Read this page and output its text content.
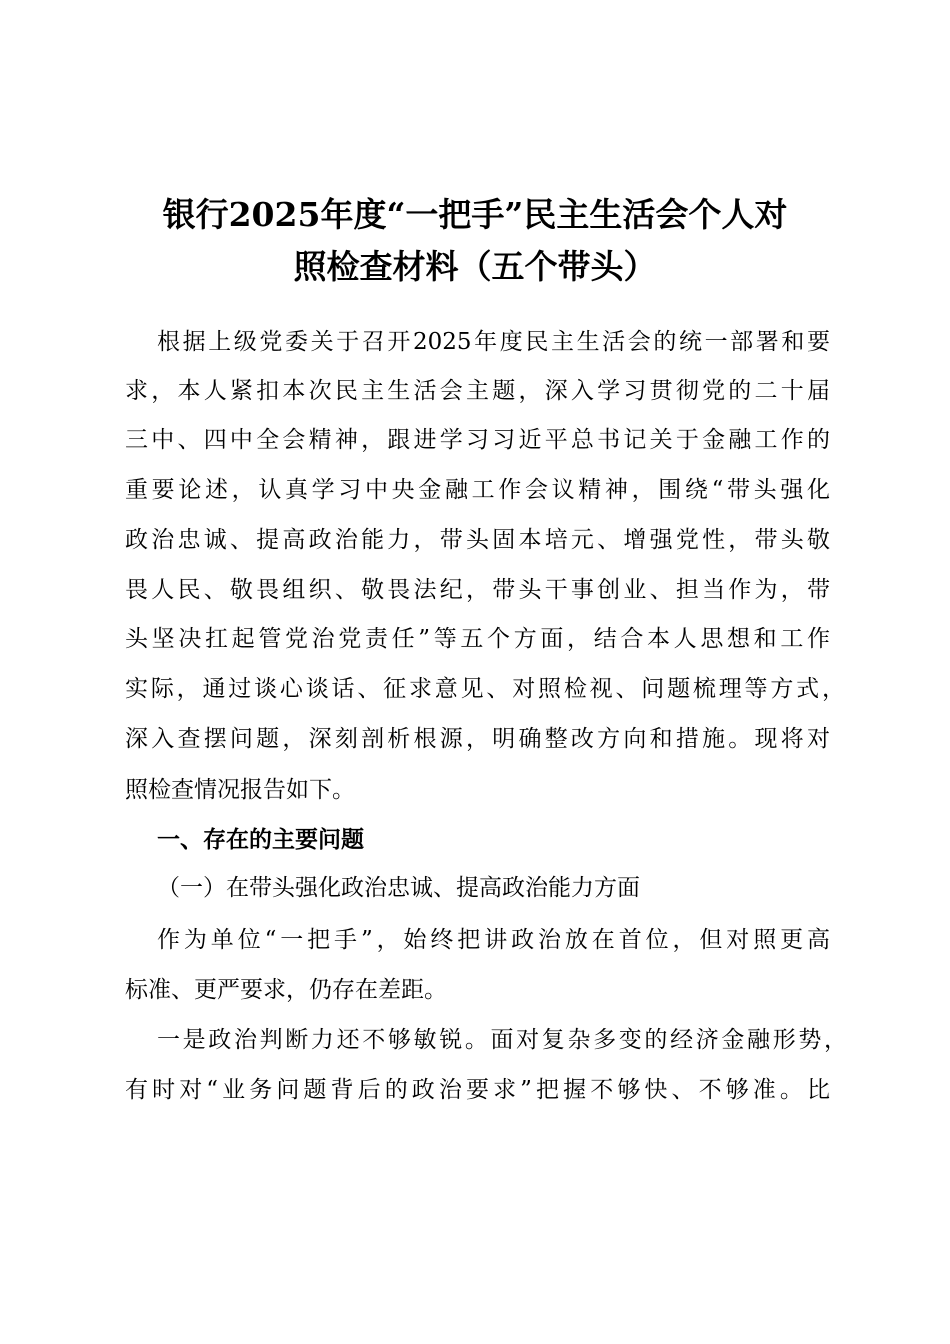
银行2025年度“一把手”民主生活会个人对
照检查材料（五个带头）
根据上级党委关于召开2025年度民主生活会的统一部署和要
求，本人紧扣本次民主生活会主题，深入学习贯彻党的二十届
三中、四中全会精神，跟进学习习近平总书记关于金融工作的
重要论述，认真学习中央金融工作会议精神，围绕“带头强化
政治忠诚、提高政治能力，带头固本培元、增强党性，带头敬
畏人民、敬畏组织、敬畏法纪，带头干事创业、担当作为，带
头坚决扛起管党治党责任”等五个方面，结合本人思想和工作
实际，通过谈心谈话、征求意见、对照检视、问题梳理等方式，
深入查摆问题，深刻剖析根源，明确整改方向和措施。现将对
照检查情况报告如下。
一、存在的主要问题
（一）在带头强化政治忠诚、提高政治能力方面
作为单位“一把手”，始终把讲政治放在首位，但对照更高
标准、更严要求，仍存在差距。
一是政治判断力还不够敏锐。面对复杂多变的经济金融形势，
有时对“业务问题背后的政治要求”把握不够快、不够准。比
